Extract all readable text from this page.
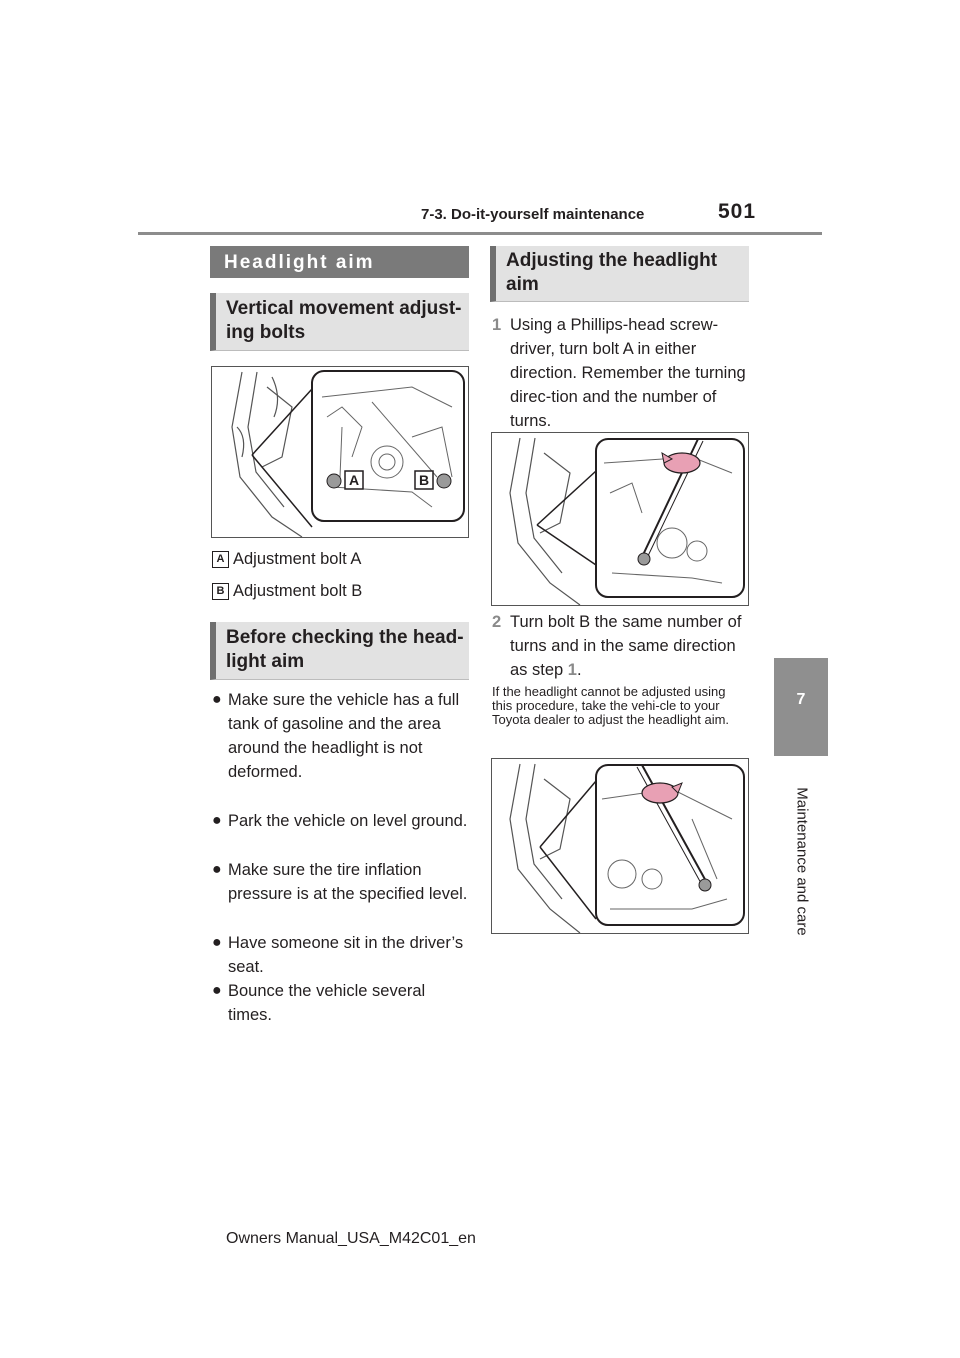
7-3. Do-it-yourself maintenance	501
7
Maintenance and care
Headlight aim
Vertical movement adjust-ing bolts
A	B
A Adjustment bolt A
B Adjustment bolt B
Before checking the head-light aim
● Make sure the vehicle has a full tank of gasoline and the area around the headlight is not deformed.
● Park the vehicle on level ground.
● Make sure the tire inflation pressure is at the specified level.
● Have someone sit in the driver’s seat.
● Bounce the vehicle several times.
Adjusting the headlight aim
1 Using a Phillips-head screw-driver, turn bolt A in either direction. Remember the turning direc-tion and the number of turns.
2 Turn bolt B the same number of turns and in the same direction as step 1.
If the headlight cannot be adjusted using this procedure, take the vehi-cle to your Toyota dealer to adjust the headlight aim.
Owners Manual_USA_M42C01_en
